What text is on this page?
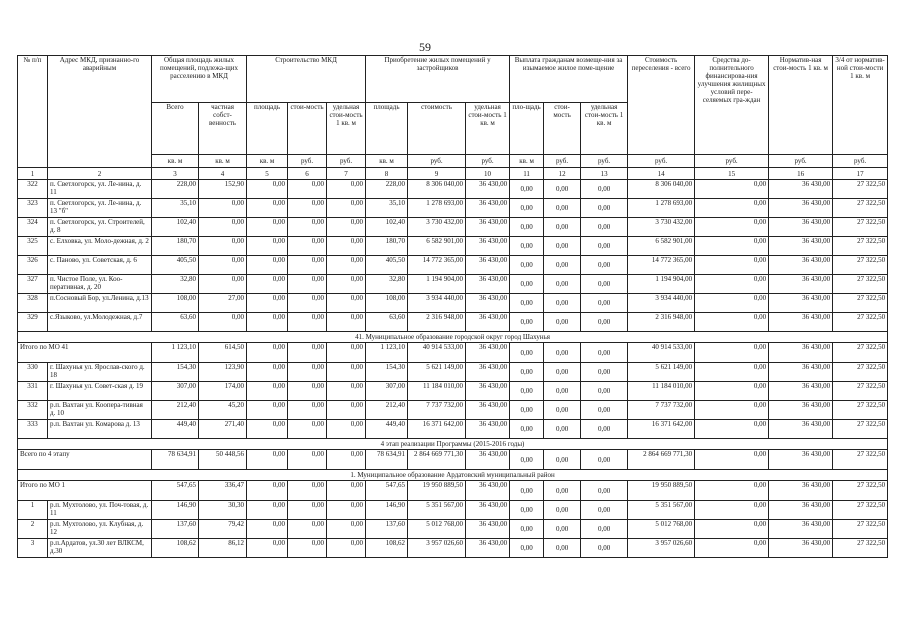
59
№ п/п	Адрес МКД, признанно-го аварийным	Общая площадь жилых помещений, подлежа-щих расселению в МКД		Строительство МКД			Приобретение жилых помещений у застройщиков			Выплата гражданам возмеще-ния за изымаемое жилое поме-щение			Стоимость переселения - всего	Средства до-полнительного финансирова-ния улучшения жилищных условий пере-селяемых гра-ждан	Норматив-ная стои-мость 1 кв. м	3/4 от норматив-ной стои-мости 1 кв. м
		Всего	частная собст-венность	площадь	стои-мость	удельная стои-мость 1 кв. м	площадь	стоимость	удельная стои-мость 1 кв. м	пло-щадь	стои-мость	удельная стои-мость 1 кв. м				
		кв. м	кв. м	кв. м	руб.	руб.	кв. м	руб.	руб.	кв. м	руб.	руб.	руб.	руб.	руб.	руб.
1	2	3	4	5	6	7	8	9	10	11	12	13	14	15	16	17
322	п. Светлогорск, ул. Ле-нина, д. 11	228,00	152,90	0,00	0,00	0,00	228,00	8 306 040,00	36 430,00	0,00	0,00	0,00	8 306 040,00	0,00	36 430,00	27 322,50
323	п. Светлогорск, ул. Ле-нина, д. 13 "б"	35,10	0,00	0,00	0,00	0,00	35,10	1 278 693,00	36 430,00	0,00	0,00	0,00	1 278 693,00	0,00	36 430,00	27 322,50
324	п. Светлогорск, ул. Строителей, д. 8	102,40	0,00	0,00	0,00	0,00	102,40	3 730 432,00	36 430,00	0,00	0,00	0,00	3 730 432,00	0,00	36 430,00	27 322,50
325	с. Елховка, ул. Моло-дежная, д. 2	180,70	0,00	0,00	0,00	0,00	180,70	6 582 901,00	36 430,00	0,00	0,00	0,00	6 582 901,00	0,00	36 430,00	27 322,50
326	с. Паново, ул. Советская, д. 6	405,50	0,00	0,00	0,00	0,00	405,50	14 772 365,00	36 430,00	0,00	0,00	0,00	14 772 365,00	0,00	36 430,00	27 322,50
327	п. Чистое Поле, ул. Коо-перативная, д. 20	32,80	0,00	0,00	0,00	0,00	32,80	1 194 904,00	36 430,00	0,00	0,00	0,00	1 194 904,00	0,00	36 430,00	27 322,50
328	п.Сосновый Бор, ул.Ленина, д.13	108,00	27,00	0,00	0,00	0,00	108,00	3 934 440,00	36 430,00	0,00	0,00	0,00	3 934 440,00	0,00	36 430,00	27 322,50
329	с.Языково, ул.Молодежная, д.7	63,60	0,00	0,00	0,00	0,00	63,60	2 316 948,00	36 430,00	0,00	0,00	0,00	2 316 948,00	0,00	36 430,00	27 322,50
41. Муниципальное образование городской округ город Шахунья																
Итого по МО 41		1 123,10	614,50	0,00	0,00	0,00	1 123,10	40 914 533,00	36 430,00	0,00	0,00	0,00	40 914 533,00	0,00	36 430,00	27 322,50
330	г. Шахунья ул. Ярослав-ского д. 18	154,30	123,90	0,00	0,00	0,00	154,30	5 621 149,00	36 430,00	0,00	0,00	0,00	5 621 149,00	0,00	36 430,00	27 322,50
331	г. Шахунья ул. Совет-ская д. 19	307,00	174,00	0,00	0,00	0,00	307,00	11 184 010,00	36 430,00	0,00	0,00	0,00	11 184 010,00	0,00	36 430,00	27 322,50
332	р.п. Вахтан ул. Коопера-тивная д. 10	212,40	45,20	0,00	0,00	0,00	212,40	7 737 732,00	36 430,00	0,00	0,00	0,00	7 737 732,00	0,00	36 430,00	27 322,50
333	р.п. Вахтан ул. Комарова д. 13	449,40	271,40	0,00	0,00	0,00	449,40	16 371 642,00	36 430,00	0,00	0,00	0,00	16 371 642,00	0,00	36 430,00	27 322,50
4 этап реализации Программы (2015-2016 годы)																
Всего по 4 этапу		78 634,91	50 448,56	0,00	0,00	0,00	78 634,91	2 864 669 771,30	36 430,00	0,00	0,00	0,00	2 864 669 771,30	0,00	36 430,00	27 322,50
1. Муниципальное образование Ардатовский муниципальный район																
Итого по МО 1		547,65	336,47	0,00	0,00	0,00	547,65	19 950 889,50	36 430,00	0,00	0,00	0,00	19 950 889,50	0,00	36 430,00	27 322,50
1	р.п. Мухтолово, ул. Поч-товая, д. 11	146,90	30,30	0,00	0,00	0,00	146,90	5 351 567,00	36 430,00	0,00	0,00	0,00	5 351 567,00	0,00	36 430,00	27 322,50
2	р.п. Мухтолово, ул. Клубная, д. 12	137,60	79,42	0,00	0,00	0,00	137,60	5 012 768,00	36 430,00	0,00	0,00	0,00	5 012 768,00	0,00	36 430,00	27 322,50
3	р.п.Ардатов, ул.30 лет ВЛКСМ, д.30	108,62	86,12	0,00	0,00	0,00	108,62	3 957 026,60	36 430,00	0,00	0,00	0,00	3 957 026,60	0,00	36 430,00	27 322,50
